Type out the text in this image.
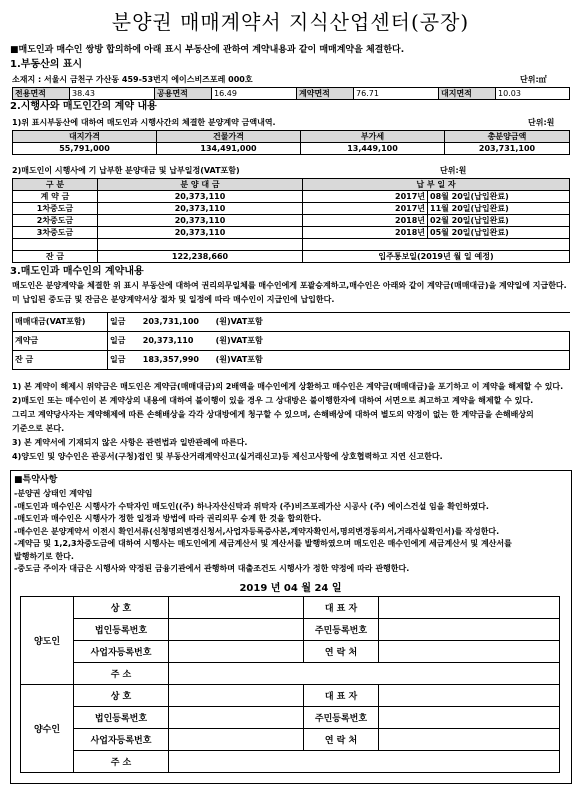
분양권 매매계약서 지식산업센터(공장)
■매도인과 매수인 쌍방 합의하에 아래 표시 부동산에 관하여 계약내용과 같이 매매계약을 체결한다.
1.부동산의 표시
소재지 : 서울시 금천구 가산동 459-53번지 에이스비즈포레 000호	단위:㎡
전용면적	38.43	공용면적	16.49	계약면적	76.71	대지면적	10.03
2.시행사와 매도인간의 계약 내용
1)위 표시부동산에 대하여 매도인과 시행사간의 체결한 분양계약 금액내역.	단위:원
대지가격	건물가격	부가세	총분양금액
55,791,000	134,491,000	13,449,100	203,731,100
2)매도인이 시행사에 기 납부한 분양대금 및 납부일정(VAT포함)	단위:원
구 분	분 양 대 금	납 부 일 자	
계 약 금	20,373,110	2017년	08월 20일(납입완료)
1차중도금	20,373,110	2017년	11월 20일(납입완료)
2차중도금	20,373,110	2018년	02월 20일(납입완료)
3차중도금	20,373,110	2018년	05월 20일(납입완료)

잔 금	122,238,660	입주통보일(2019년 월 일 예정)	
3.매도인과 매수인의 계약내용
매도인은 분양계약을 체결한 위 표시 부동산에 대하여 권리의무일체를 매수인에게 포괄승계하고,매수인은 아래와 같이 계약금(매매대금)을 계약일에 지급한다.
미 납입된 중도금 및 잔금은 분양계약서상 절차 및 일정에 따라 매수인이 지급인에 납입한다.
매매대금(VAT포함)	일금 203,731,100 (원)VAT포함
계약금	일금 20,373,110 (원)VAT포함
잔 금	일금 183,357,990 (원)VAT포함
1) 본 계약이 해제시 위약금은 매도인은 계약금(매매대금)의 2배액을 매수인에게 상환하고 매수인은 계약금(매매대금)을 포기하고 이 계약을 해제할 수 있다.
2)매도인 또는 매수인이 본 계약상의 내용에 대하여 불이행이 있을 경우 그 상대방은 불이행한자에 대하여 서면으로 최고하고 계약을 해제할 수 있다.
그리고 계약당사자는 계약해제에 따른 손해배상을 각각 상대방에게 청구할 수 있으며, 손해배상에 대하여 별도의 약정이 없는 한 계약금을 손해배상의
기준으로 본다.
3) 본 계약서에 기재되지 않은 사항은 관련법과 일반관례에 따른다.
4)양도인 및 양수인은 관공서(구청)접인 및 부동산거래계약신고(실거래신고)등 제신고사항에 상호협력하고 지연 신고한다.
■특약사항
-분양권 상태인 계약임
-매도인과 매수인은 시행사가 수탁자인 매도인((주) 하나자산신탁과 위탁자 (주)비즈포레가산 시공사 (주) 에이스건설 임을 확인하였다.
-매도인과 매수인은 시행사가 정한 일정과 방법에 따라 권리의무 승계 한 것을 합의한다.
-매수인은 분양계약서 이전시 확인서류(신청명의변경신청서,사업자등록증사본,계약자확인서,명의변경동의서,거래사실확인서)를 작성한다.
-계약금 및 1,2,3차중도금에 대하여 시행사는 매도인에게 세금계산서 및 계산서를 발행하였으며 매도인은 매수인에게 세금계산서 및 계산서를
발행하기로 한다.
-중도금 주이자 대금은 시행사와 약정된 금융기관에서 관행하며 대출조건도 시행사가 정한 약정에 따라 관행한다.
2019 년 04 월 24 일
양도인	상 호		대 표 자	
	법인등록번호		주민등록번호	
	사업자등록번호		연 락 처	
	주 소			
양수인	상 호		대 표 자	
	법인등록번호		주민등록번호	
	사업자등록번호		연 락 처	
	주 소			
